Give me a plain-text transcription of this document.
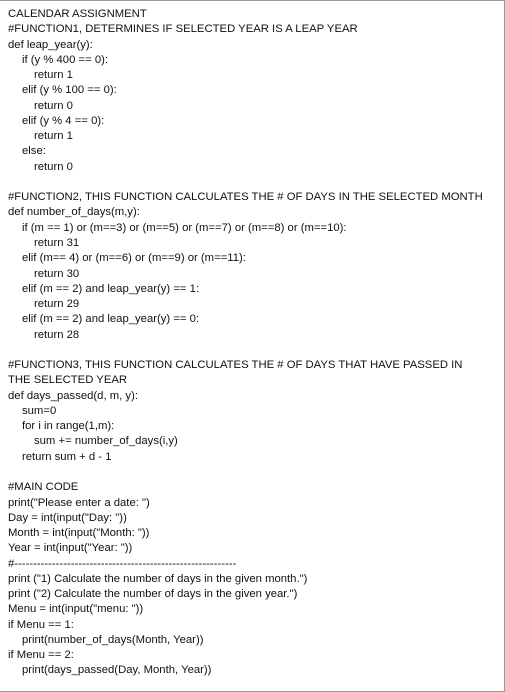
CALENDAR ASSIGNMENT
#FUNCTION1, DETERMINES IF SELECTED YEAR IS A LEAP YEAR
def leap_year(y):
if (y % 400 == 0):
return 1
elif (y % 100 == 0):
return 0
elif (y % 4 == 0):
return 1
else:
return 0
#FUNCTION2, THIS FUNCTION CALCULATES THE # OF DAYS IN THE SELECTED MONTH
def number_of_days(m,y):
if (m == 1) or (m==3) or (m==5) or (m==7) or (m==8) or (m==10):
return 31
elif (m== 4) or (m==6) or (m==9) or (m==11):
return 30
elif (m == 2) and leap_year(y) == 1:
return 29
elif (m == 2) and leap_year(y) == 0:
return 28
#FUNCTION3, THIS FUNCTION CALCULATES THE # OF DAYS THAT HAVE PASSED IN
THE SELECTED YEAR
def days_passed(d, m, y):
sum=0
for i in range(1,m):
sum += number_of_days(i,y)
return sum + d - 1
#MAIN CODE
print("Please enter a date: ")
Day = int(input("Day: "))
Month = int(input("Month: "))
Year = int(input("Year: "))
#-----------------------------------------------------------
print ("1) Calculate the number of days in the given month.")
print ("2) Calculate the number of days in the given year.")
Menu = int(input("menu: "))
if Menu == 1:
print(number_of_days(Month, Year))
if Menu == 2:
print(days_passed(Day, Month, Year))
